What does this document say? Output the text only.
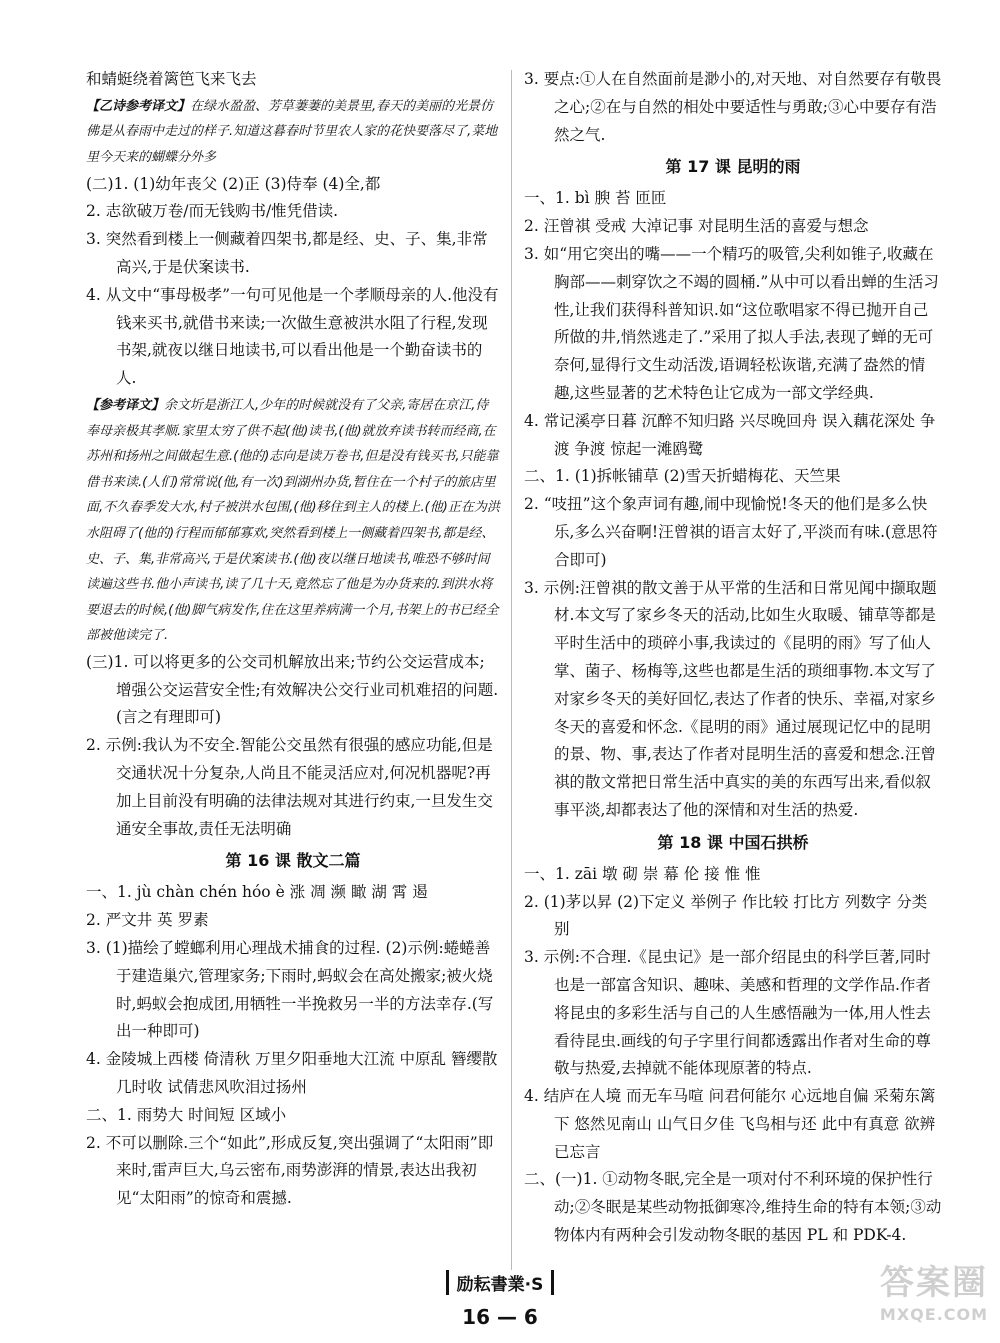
和蜻蜓绕着篱笆飞来飞去

【乙诗参考译文】在绿水盈盈、芳草萋萋的美景里,春天的美丽的光景仿佛是从春雨中走过的样子.知道这暮春时节里农人家的花快要落尽了,菜地里今天来的蝴蝶分外多

(二)1. (1)幼年丧父 (2)正 (3)侍奉 (4)全,都

2. 志欲破万卷/而无钱购书/惟凭借读.

3. 突然看到楼上一侧藏着四架书,都是经、史、子、集,非常高兴,于是伏案读书.

4. 从文中“事母极孝”一句可见他是一个孝顺母亲的人.他没有钱来买书,就借书来读;一次做生意被洪水阻了行程,发现书架,就夜以继日地读书,可以看出他是一个勤奋读书的人.

【参考译文】余文圻是浙江人,少年的时候就没有了父亲,寄居在京江,侍奉母亲极其孝顺.家里太穷了供不起(他)读书,(他)就放弃读书转而经商,在苏州和扬州之间做起生意.(他的)志向是读万卷书,但是没有钱买书,只能靠借书来读.(人们)常常说(他,有一次)到湖州办货,暂住在一个村子的旅店里面,不久春季发大水,村子被洪水包围,(他)移住到主人的楼上.(他)正在为洪水阻碍了(他的)行程而郁郁寡欢,突然看到楼上一侧藏着四架书,都是经、史、子、集,非常高兴,于是伏案读书.(他)夜以继日地读书,唯恐不够时间读遍这些书.他小声读书,读了几十天,竟然忘了他是为办货来的.到洪水将要退去的时候,(他)脚气病发作,住在这里养病满一个月,书架上的书已经全部被他读完了.

(三)1. 可以将更多的公交司机解放出来;节约公交运营成本;增强公交运营安全性;有效解决公交行业司机难招的问题.(言之有理即可)

2. 示例:我认为不安全.智能公交虽然有很强的感应功能,但是交通状况十分复杂,人尚且不能灵活应对,何况机器呢?再加上目前没有明确的法律法规对其进行约束,一旦发生交通安全事故,责任无法明确

第 16 课 散文二篇

一、1. jù chàn chén hóo è 涨 凋 濒 瞰 湖 霄 遏

2. 严文井 英 罗素

3. (1)描绘了螳螂利用心理战术捕食的过程. (2)示例:蜷蜷善于建造巢穴,管理家务;下雨时,蚂蚁会在高处搬家;被火烧时,蚂蚁会抱成团,用牺牲一半挽救另一半的方法幸存.(写出一种即可)

4. 金陵城上西楼 倚清秋 万里夕阳垂地大江流 中原乱 簪缨散 几时收 试倩悲风吹泪过扬州

二、1. 雨势大 时间短 区域小

2. 不可以删除.三个“如此”,形成反复,突出强调了“太阳雨”即来时,雷声巨大,乌云密布,雨势澎湃的情景,表达出我初见“太阳雨”的惊奇和震撼.

3. 要点:①人在自然面前是渺小的,对天地、对自然要存有敬畏之心;②在与自然的相处中要适性与勇敢;③心中要存有浩然之气.

第 17 课 昆明的雨

一、1. bì 腴 苔 匝匝

2. 汪曾祺 受戒 大淖记事 对昆明生活的喜爱与想念

3. 如“用它突出的嘴——一个精巧的吸管,尖利如锥子,收藏在胸部——刺穿饮之不竭的圆桶.”从中可以看出蝉的生活习性,让我们获得科普知识.如“这位歌唱家不得已抛开自己所做的井,悄然逃走了.”采用了拟人手法,表现了蝉的无可奈何,显得行文生动活泼,语调轻松诙谐,充满了盎然的情趣,这些显著的艺术特色让它成为一部文学经典.

4. 常记溪亭日暮 沉醉不知归路 兴尽晚回舟 误入藕花深处 争渡 争渡 惊起一滩鸥鹭

二、1. (1)拆帐铺草 (2)雪天折蜡梅花、天竺果

2. “吱扭”这个象声词有趣,闹中现愉悦!冬天的他们是多么快乐,多么兴奋啊!汪曾祺的语言太好了,平淡而有味.(意思符合即可)

3. 示例:汪曾祺的散文善于从平常的生活和日常见闻中撷取题材.本文写了家乡冬天的活动,比如生火取暖、铺草等都是平时生活中的琐碎小事,我读过的《昆明的雨》写了仙人掌、菌子、杨梅等,这些也都是生活的琐细事物.本文写了对家乡冬天的美好回忆,表达了作者的快乐、幸福,对家乡冬天的喜爱和怀念.《昆明的雨》通过展现记忆中的昆明的景、物、事,表达了作者对昆明生活的喜爱和想念.汪曾祺的散文常把日常生活中真实的美的东西写出来,看似叙事平淡,却都表达了他的深情和对生活的热爱.

第 18 课 中国石拱桥

一、1. zāi 墩 砌 崇 幕 伦 接 惟 惟

2. (1)茅以昇 (2)下定义 举例子 作比较 打比方 列数字 分类别

3. 示例:不合理.《昆虫记》是一部介绍昆虫的科学巨著,同时也是一部富含知识、趣味、美感和哲理的文学作品.作者将昆虫的多彩生活与自己的人生感悟融为一体,用人性去看待昆虫.画线的句子字里行间都透露出作者对生命的尊敬与热爱,去掉就不能体现原著的特点.

4. 结庐在人境 而无车马喧 问君何能尔 心远地自偏 采菊东篱下 悠然见南山 山气日夕佳 飞鸟相与还 此中有真意 欲辨已忘言

二、(一)1. ①动物冬眠,完全是一项对付不利环境的保护性行动;②冬眠是某些动物抵御寒冷,维持生命的特有本领;③动物体内有两种会引发动物冬眠的基因 PL 和 PDK-4.

励耘書業·S
16 — 6
答案圈
MXQE.COM
